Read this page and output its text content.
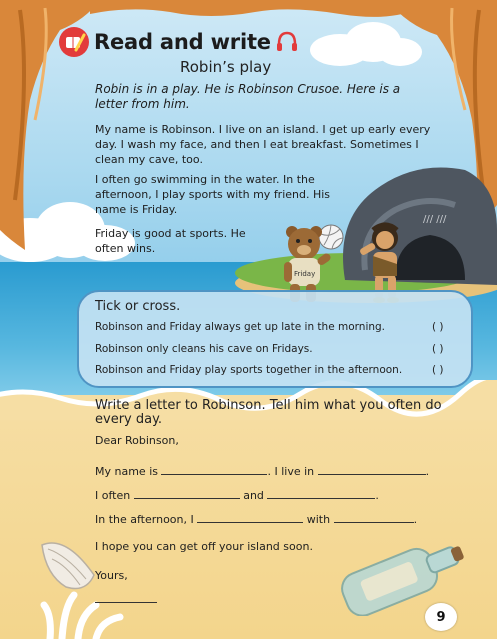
/// ///
Friday
Read and write
Robin’s play
Robin is in a play. He is Robinson Crusoe. Here is a letter from him.
My name is Robinson. I live on an island. I get up early every day. I wash my face, and then I eat breakfast. Sometimes I clean my cave, too.
I often go swimming in the water. In the afternoon, I play sports with my friend. His name is Friday.
Friday is good at sports. He often wins.
Tick or cross.
Robinson and Friday always get up late in the morning.	( )
Robinson only cleans his cave on Fridays.	( )
Robinson and Friday play sports together in the afternoon.	( )
Write a letter to Robinson. Tell him what you often do every day.
Dear Robinson,
My name is	. I live in	.
I often	and	.
In the afternoon, I	with	.
I hope you can get off your island soon.
Yours,
9
